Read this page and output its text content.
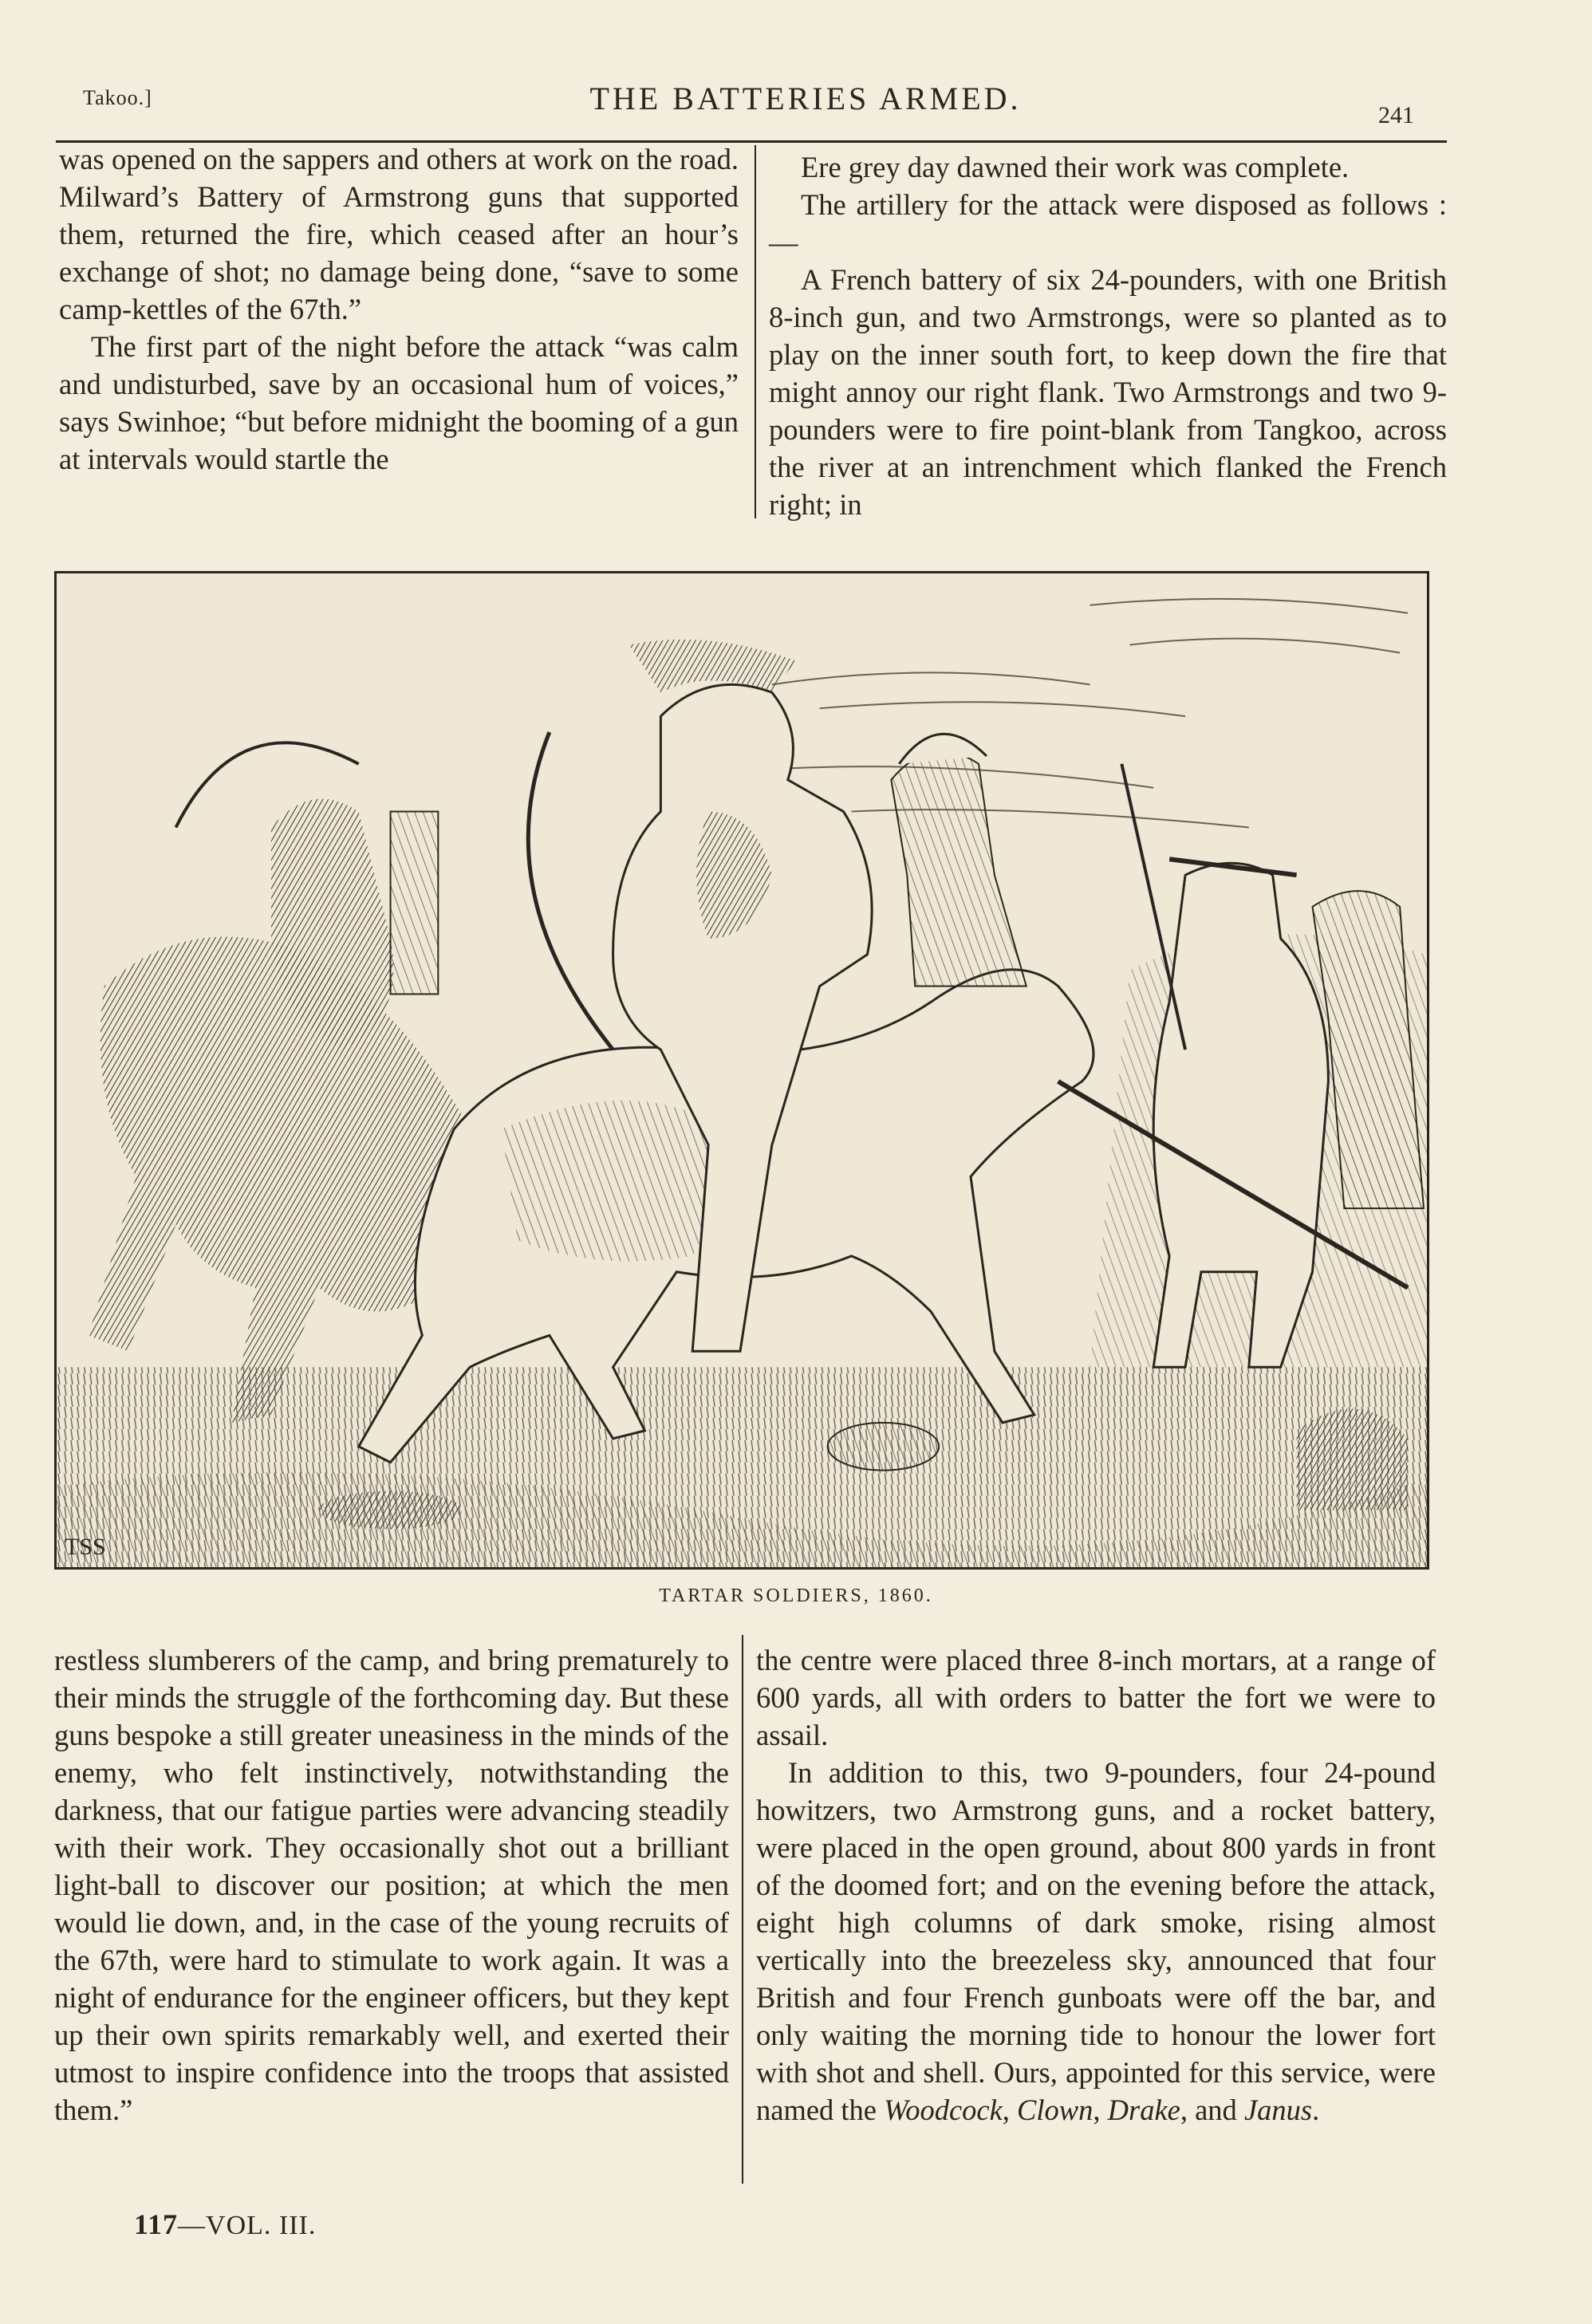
Takoo.]	THE BATTERIES ARMED.	241

was opened on the sappers and others at work on the road. Milward’s Battery of Armstrong guns that supported them, returned the fire, which ceased after an hour’s exchange of shot; no damage being done, “save to some camp-kettles of the 67th.”

The first part of the night before the attack “was calm and undisturbed, save by an occasional hum of voices,” says Swinhoe; “but before midnight the booming of a gun at intervals would startle the

Ere grey day dawned their work was complete.

The artillery for the attack were disposed as follows :—

A French battery of six 24-pounders, with one British 8-inch gun, and two Armstrongs, were so planted as to play on the inner south fort, to keep down the fire that might annoy our right flank. Two Armstrongs and two 9-pounders were to fire point-blank from Tangkoo, across the river at an intrenchment which flanked the French right; in

TSS
TARTAR SOLDIERS, 1860.

restless slumberers of the camp, and bring prematurely to their minds the struggle of the forthcoming day. But these guns bespoke a still greater uneasiness in the minds of the enemy, who felt instinctively, notwithstanding the darkness, that our fatigue parties were advancing steadily with their work. They occasionally shot out a brilliant light-ball to discover our position; at which the men would lie down, and, in the case of the young recruits of the 67th, were hard to stimulate to work again. It was a night of endurance for the engineer officers, but they kept up their own spirits remarkably well, and exerted their utmost to inspire confidence into the troops that assisted them.”

the centre were placed three 8-inch mortars, at a range of 600 yards, all with orders to batter the fort we were to assail.

In addition to this, two 9-pounders, four 24-pound howitzers, two Armstrong guns, and a rocket battery, were placed in the open ground, about 800 yards in front of the doomed fort; and on the evening before the attack, eight high columns of dark smoke, rising almost vertically into the breezeless sky, announced that four British and four French gunboats were off the bar, and only waiting the morning tide to honour the lower fort with shot and shell. Ours, appointed for this service, were named the Woodcock, Clown, Drake, and Janus.

117—VOL. III.
